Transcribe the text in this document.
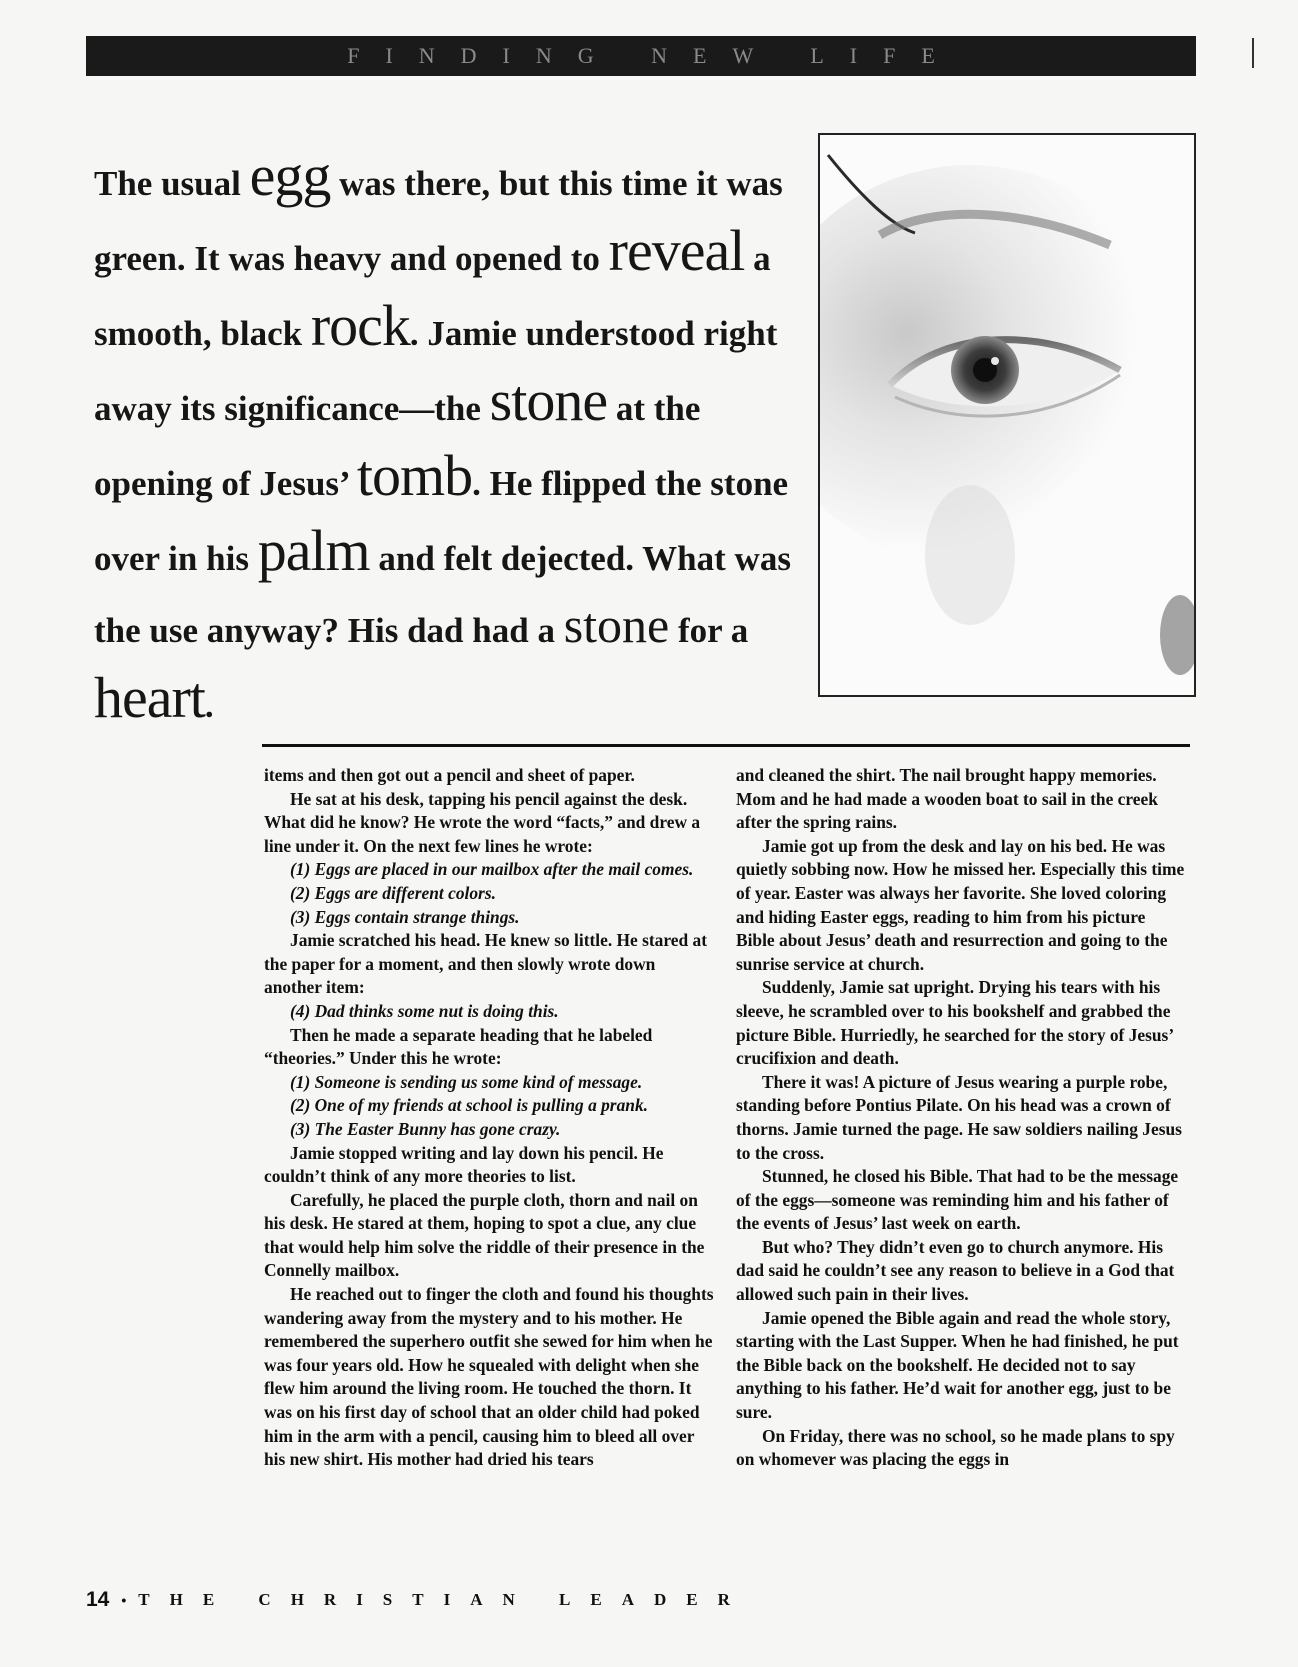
FINDING NEW LIFE
The usual egg was there, but this time it was green. It was heavy and opened to reveal a smooth, black rock. Jamie understood right away its significance—the stone at the opening of Jesus’ tomb. He flipped the stone over in his palm and felt dejected. What was the use anyway? His dad had a stone for a heart.

items and then got out a pencil and sheet of paper.

He sat at his desk, tapping his pencil against the desk. What did he know? He wrote the word “facts,” and drew a line under it. On the next few lines he wrote:

(1) Eggs are placed in our mailbox after the mail comes.

(2) Eggs are different colors.

(3) Eggs contain strange things.

Jamie scratched his head. He knew so little. He stared at the paper for a moment, and then slowly wrote down another item:

(4) Dad thinks some nut is doing this.

Then he made a separate heading that he labeled “theories.” Under this he wrote:

(1) Someone is sending us some kind of message.

(2) One of my friends at school is pulling a prank.

(3) The Easter Bunny has gone crazy.

Jamie stopped writing and lay down his pencil. He couldn’t think of any more theories to list.

Carefully, he placed the purple cloth, thorn and nail on his desk. He stared at them, hoping to spot a clue, any clue that would help him solve the riddle of their presence in the Connelly mailbox.

He reached out to finger the cloth and found his thoughts wandering away from the mystery and to his mother. He remembered the superhero outfit she sewed for him when he was four years old. How he squealed with delight when she flew him around the living room. He touched the thorn. It was on his first day of school that an older child had poked him in the arm with a pencil, causing him to bleed all over his new shirt. His mother had dried his tears

and cleaned the shirt. The nail brought happy memories. Mom and he had made a wooden boat to sail in the creek after the spring rains.

Jamie got up from the desk and lay on his bed. He was quietly sobbing now. How he missed her. Especially this time of year. Easter was always her favorite. She loved coloring and hiding Easter eggs, reading to him from his picture Bible about Jesus’ death and resurrection and going to the sunrise service at church.

Suddenly, Jamie sat upright. Drying his tears with his sleeve, he scrambled over to his bookshelf and grabbed the picture Bible. Hurriedly, he searched for the story of Jesus’ crucifixion and death.

There it was! A picture of Jesus wearing a purple robe, standing before Pontius Pilate. On his head was a crown of thorns. Jamie turned the page. He saw soldiers nailing Jesus to the cross.

Stunned, he closed his Bible. That had to be the message of the eggs—someone was reminding him and his father of the events of Jesus’ last week on earth.

But who? They didn’t even go to church anymore. His dad said he couldn’t see any reason to believe in a God that allowed such pain in their lives.

Jamie opened the Bible again and read the whole story, starting with the Last Supper. When he had finished, he put the Bible back on the bookshelf. He decided not to say anything to his father. He’d wait for another egg, just to be sure.

On Friday, there was no school, so he made plans to spy on whomever was placing the eggs in

14 • THE CHRISTIAN LEADER
